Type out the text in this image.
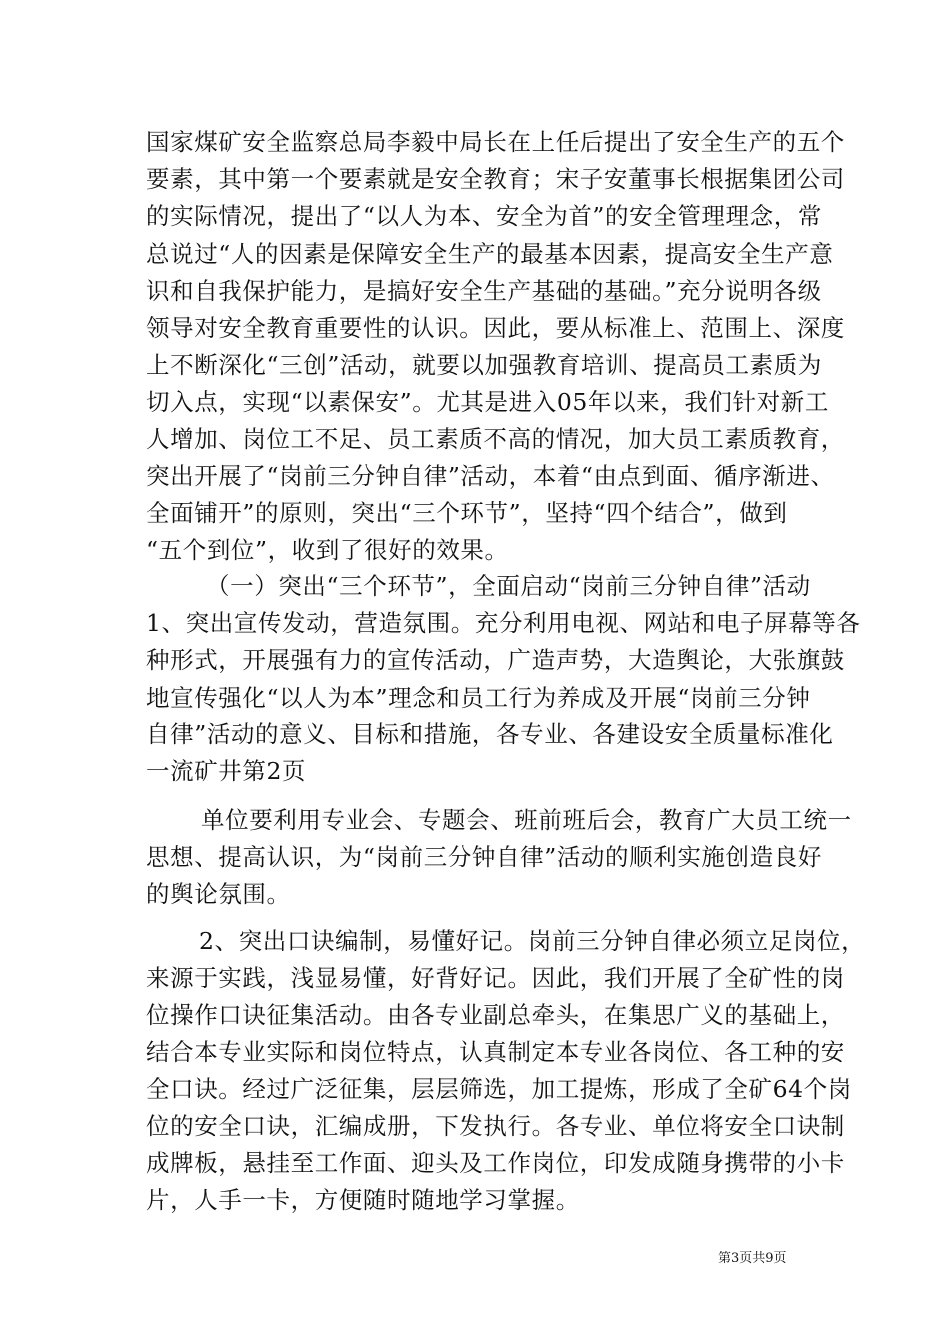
国家煤矿安全监察总局李毅中局长在上任后提出了安全生产的五个
要素，其中第一个要素就是安全教育；宋子安董事长根据集团公司
的实际情况，提出了“以人为本、安全为首”的安全管理理念，常
总说过“人的因素是保障安全生产的最基本因素，提高安全生产意
识和自我保护能力，是搞好安全生产基础的基础。”充分说明各级
领导对安全教育重要性的认识。因此，要从标准上、范围上、深度
上不断深化“三创”活动，就要以加强教育培训、提高员工素质为
切入点，实现“以素保安”。尤其是进入05年以来，我们针对新工
人增加、岗位工不足、员工素质不高的情况，加大员工素质教育，
突出开展了“岗前三分钟自律”活动，本着“由点到面、循序渐进、
全面铺开”的原则，突出“三个环节”，坚持“四个结合”，做到
“五个到位”，收到了很好的效果。
（一）突出“三个环节”，全面启动“岗前三分钟自律”活动
1、突出宣传发动，营造氛围。充分利用电视、网站和电子屏幕等各
种形式，开展强有力的宣传活动，广造声势，大造舆论，大张旗鼓
地宣传强化“以人为本”理念和员工行为养成及开展“岗前三分钟
自律”活动的意义、目标和措施，各专业、各建设安全质量标准化
一流矿井第2页
单位要利用专业会、专题会、班前班后会，教育广大员工统一
思想、提高认识，为“岗前三分钟自律”活动的顺利实施创造良好
的舆论氛围。
2、突出口诀编制，易懂好记。岗前三分钟自律必须立足岗位，
来源于实践，浅显易懂，好背好记。因此，我们开展了全矿性的岗
位操作口诀征集活动。由各专业副总牵头，在集思广义的基础上，
结合本专业实际和岗位特点，认真制定本专业各岗位、各工种的安
全口诀。经过广泛征集，层层筛选，加工提炼，形成了全矿64个岗
位的安全口诀，汇编成册，下发执行。各专业、单位将安全口诀制
成牌板，悬挂至工作面、迎头及工作岗位，印发成随身携带的小卡
片，人手一卡，方便随时随地学习掌握。
第3页共9页
